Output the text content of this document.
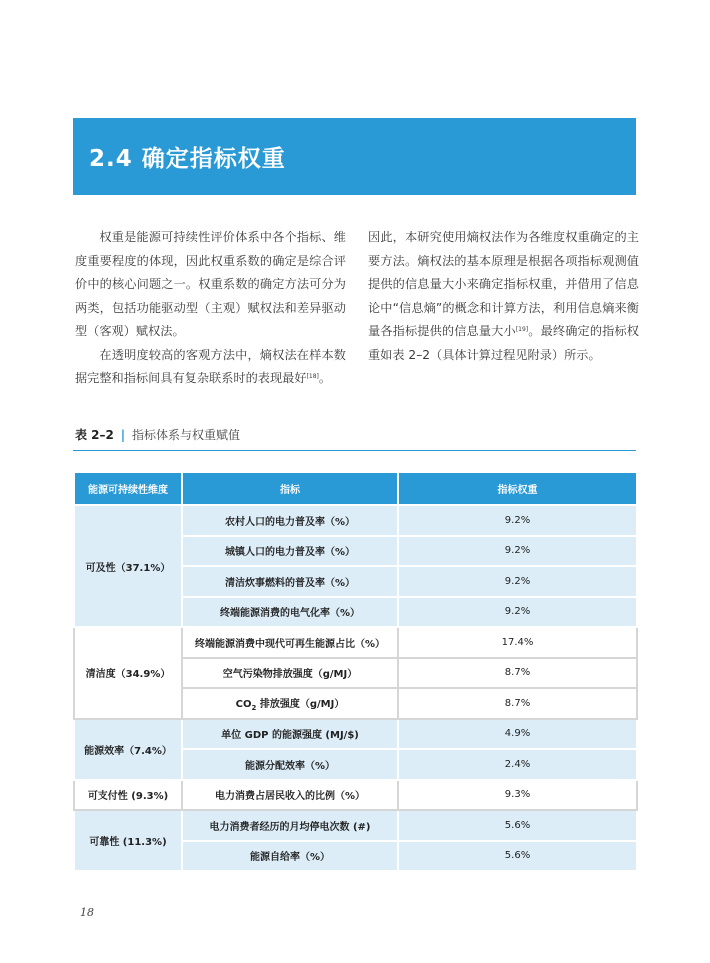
2.4 确定指标权重

权重是能源可持续性评价体系中各个指标、维度重要程度的体现，因此权重系数的确定是综合评价中的核心问题之一。权重系数的确定方法可分为两类，包括功能驱动型（主观）赋权法和差异驱动型（客观）赋权法。

在透明度较高的客观方法中，熵权法在样本数据完整和指标间具有复杂联系时的表现最好[18]。

因此，本研究使用熵权法作为各维度权重确定的主要方法。熵权法的基本原理是根据各项指标观测值提供的信息量大小来确定指标权重，并借用了信息论中“信息熵”的概念和计算方法，利用信息熵来衡量各指标提供的信息量大小[19]。最终确定的指标权重如表 2–2（具体计算过程见附录）所示。

表 2–2 | 指标体系与权重赋值
能源可持续性维度	指标	指标权重
可及性（37.1%）	农村人口的电力普及率（%）	9.2%
	城镇人口的电力普及率（%）	9.2%
	清洁炊事燃料的普及率（%）	9.2%
	终端能源消费的电气化率（%）	9.2%
清洁度（34.9%）	终端能源消费中现代可再生能源占比（%）	17.4%
	空气污染物排放强度（g/MJ）	8.7%
	$CO_2$ 排放强度（g/MJ）	8.7%
能源效率（7.4%）	单位 GDP 的能源强度 (MJ/$)	4.9%
	能源分配效率（%）	2.4%
可支付性 (9.3%)	电力消费占居民收入的比例（%）	9.3%
可靠性 (11.3%)	电力消费者经历的月均停电次数 (#)	5.6%
	能源自给率（%）	5.6%
18
